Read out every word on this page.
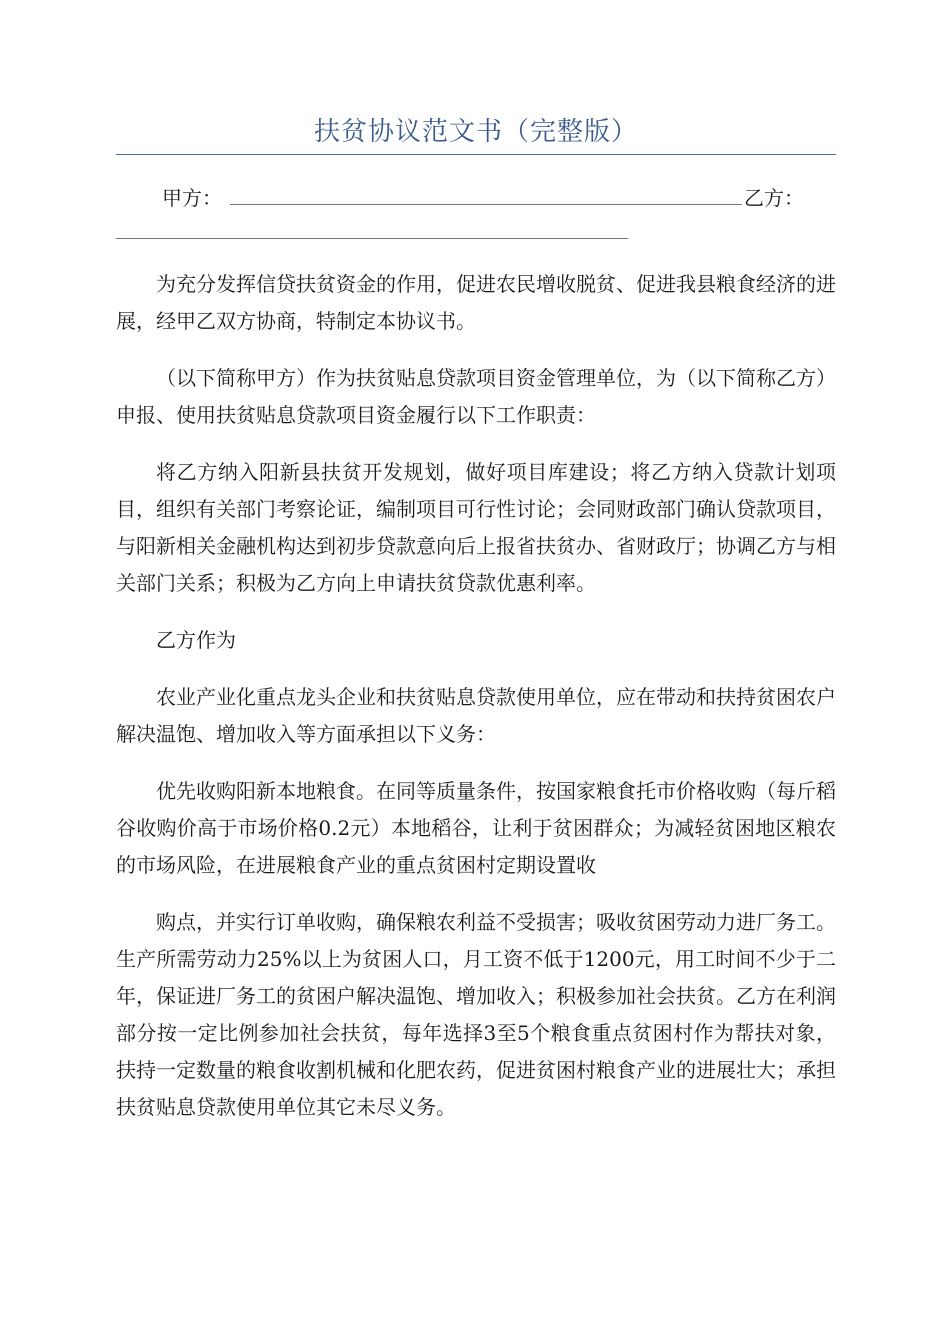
扶贫协议范文书（完整版）
甲方：	乙方：

为充分发挥信贷扶贫资金的作用，促进农民增收脱贫、促进我县粮食经济的进展，经甲乙双方协商，特制定本协议书。

（以下简称甲方）作为扶贫贴息贷款项目资金管理单位，为（以下简称乙方）申报、使用扶贫贴息贷款项目资金履行以下工作职责：

将乙方纳入阳新县扶贫开发规划，做好项目库建设；将乙方纳入贷款计划项目，组织有关部门考察论证，编制项目可行性讨论；会同财政部门确认贷款项目，与阳新相关金融机构达到初步贷款意向后上报省扶贫办、省财政厅；协调乙方与相关部门关系；积极为乙方向上申请扶贫贷款优惠利率。

乙方作为

农业产业化重点龙头企业和扶贫贴息贷款使用单位，应在带动和扶持贫困农户解决温饱、增加收入等方面承担以下义务：

优先收购阳新本地粮食。在同等质量条件，按国家粮食托市价格收购（每斤稻谷收购价高于市场价格0.2元）本地稻谷，让利于贫困群众；为减轻贫困地区粮农的市场风险，在进展粮食产业的重点贫困村定期设置收

购点，并实行订单收购，确保粮农利益不受损害；吸收贫困劳动力进厂务工。生产所需劳动力25%以上为贫困人口，月工资不低于1200元，用工时间不少于二年，保证进厂务工的贫困户解决温饱、增加收入；积极参加社会扶贫。乙方在利润部分按一定比例参加社会扶贫，每年选择3至5个粮食重点贫困村作为帮扶对象，扶持一定数量的粮食收割机械和化肥农药，促进贫困村粮食产业的进展壮大；承担扶贫贴息贷款使用单位其它未尽义务。
